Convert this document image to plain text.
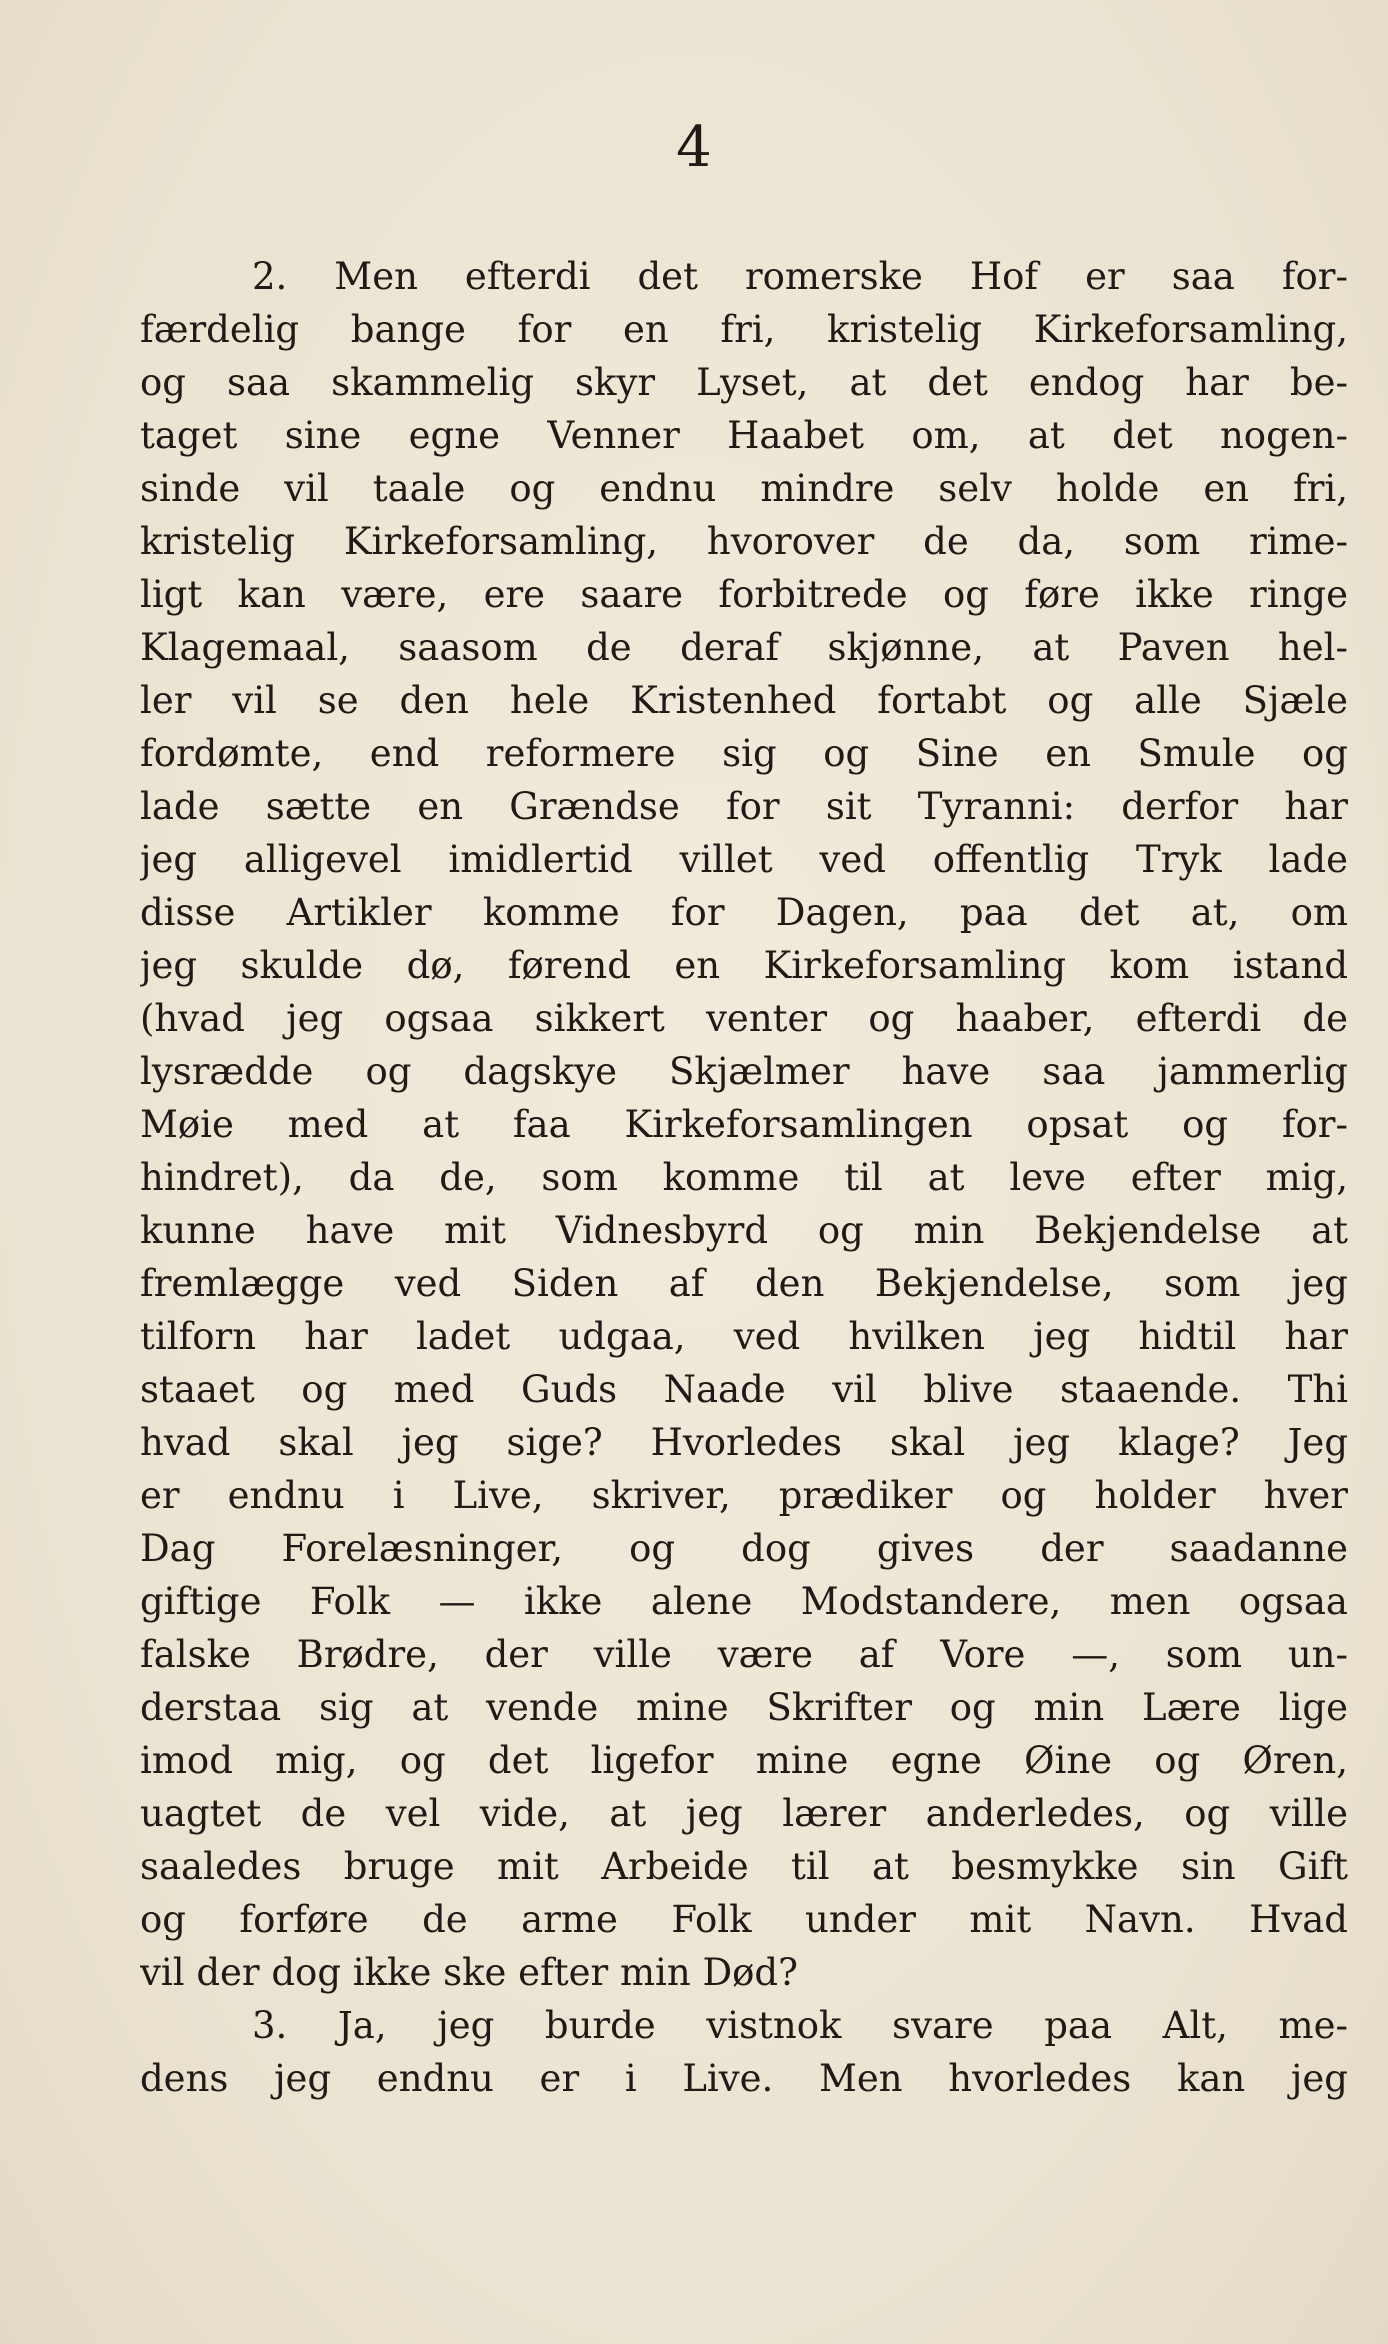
4
2. Men efterdi det romerske Hof er saa for-
færdelig bange for en fri, kristelig Kirkeforsamling,
og saa skammelig skyr Lyset, at det endog har be-
taget sine egne Venner Haabet om, at det nogen-
sinde vil taale og endnu mindre selv holde en fri,
kristelig Kirkeforsamling, hvorover de da, som rime-
ligt kan være, ere saare forbitrede og føre ikke ringe
Klagemaal, saasom de deraf skjønne, at Paven hel-
ler vil se den hele Kristenhed fortabt og alle Sjæle
fordømte, end reformere sig og Sine en Smule og
lade sætte en Grændse for sit Tyranni: derfor har
jeg alligevel imidlertid villet ved offentlig Tryk lade
disse Artikler komme for Dagen, paa det at, om
jeg skulde dø, førend en Kirkeforsamling kom istand
(hvad jeg ogsaa sikkert venter og haaber, efterdi de
lysrædde og dagskye Skjælmer have saa jammerlig
Møie med at faa Kirkeforsamlingen opsat og for-
hindret), da de, som komme til at leve efter mig,
kunne have mit Vidnesbyrd og min Bekjendelse at
fremlægge ved Siden af den Bekjendelse, som jeg
tilforn har ladet udgaa, ved hvilken jeg hidtil har
staaet og med Guds Naade vil blive staaende. Thi
hvad skal jeg sige? Hvorledes skal jeg klage? Jeg
er endnu i Live, skriver, prædiker og holder hver
Dag Forelæsninger, og dog gives der saadanne
giftige Folk — ikke alene Modstandere, men ogsaa
falske Brødre, der ville være af Vore —, som un-
derstaa sig at vende mine Skrifter og min Lære lige
imod mig, og det ligefor mine egne Øine og Øren,
uagtet de vel vide, at jeg lærer anderledes, og ville
saaledes bruge mit Arbeide til at besmykke sin Gift
og forføre de arme Folk under mit Navn. Hvad
vil der dog ikke ske efter min Død?
3. Ja, jeg burde vistnok svare paa Alt, me-
dens jeg endnu er i Live. Men hvorledes kan jeg
